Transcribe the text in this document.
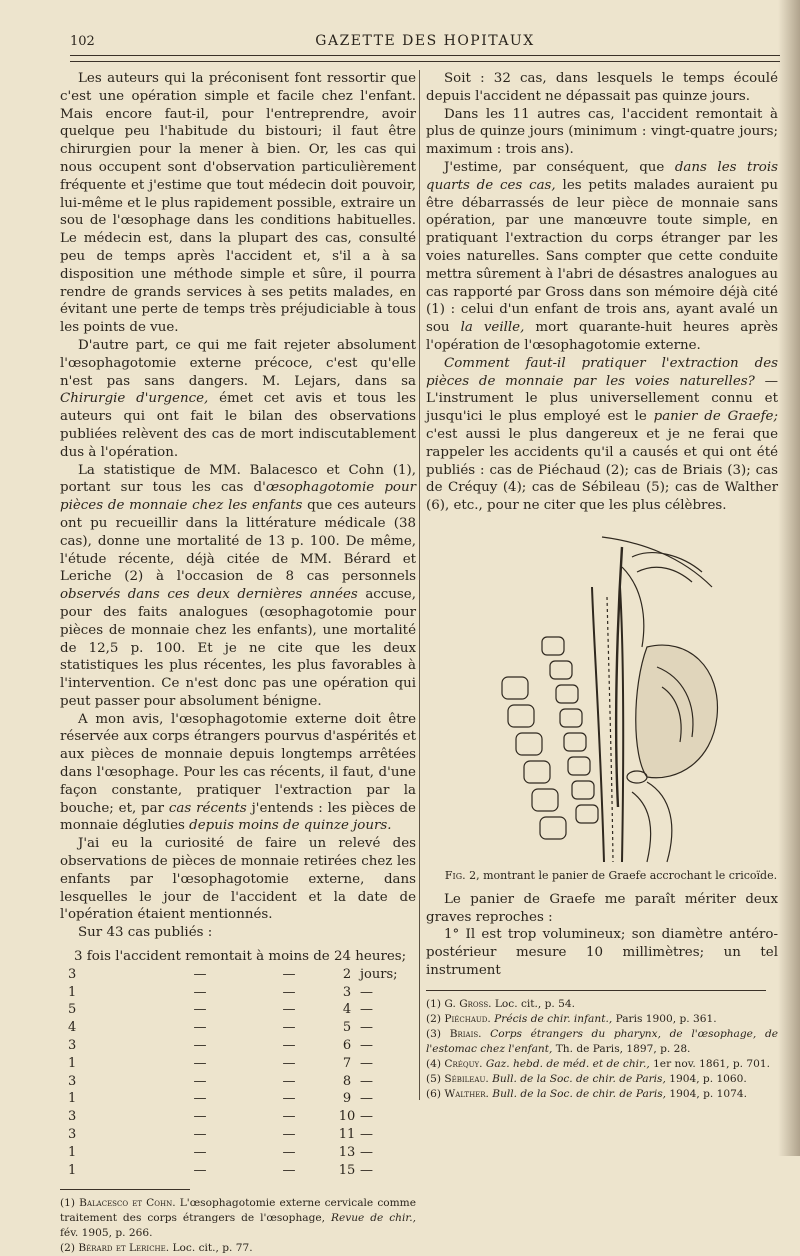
102	GAZETTE DES HOPITAUX

Les auteurs qui la préconisent font ressortir que c'est une opération simple et facile chez l'enfant. Mais encore faut-il, pour l'entreprendre, avoir quelque peu l'habitude du bistouri; il faut être chirurgien pour la mener à bien. Or, les cas qui nous occupent sont d'observation particulièrement fréquente et j'estime que tout médecin doit pouvoir, lui-même et le plus rapidement possible, extraire un sou de l'œsophage dans les conditions habituelles. Le médecin est, dans la plupart des cas, consulté peu de temps après l'accident et, s'il a à sa disposition une méthode simple et sûre, il pourra rendre de grands services à ses petits malades, en évitant une perte de temps très préjudiciable à tous les points de vue.

D'autre part, ce qui me fait rejeter absolument l'œsophagotomie externe précoce, c'est qu'elle n'est pas sans dangers. M. Lejars, dans sa Chirurgie d'urgence, émet cet avis et tous les auteurs qui ont fait le bilan des observations publiées relèvent des cas de mort indiscutablement dus à l'opération.

La statistique de MM. Balacesco et Cohn (1), portant sur tous les cas d'œsophagotomie pour pièces de monnaie chez les enfants que ces auteurs ont pu recueillir dans la littérature médicale (38 cas), donne une mortalité de 13 p. 100. De même, l'étude récente, déjà citée de MM. Bérard et Leriche (2) à l'occasion de 8 cas personnels observés dans ces deux dernières années accuse, pour des faits analogues (œsophagotomie pour pièces de monnaie chez les enfants), une mortalité de 12,5 p. 100. Et je ne cite que les deux statistiques les plus récentes, les plus favorables à l'intervention. Ce n'est donc pas une opération qui peut passer pour absolument bénigne.

A mon avis, l'œsophagotomie externe doit être réservée aux corps étrangers pourvus d'aspérités et aux pièces de monnaie depuis longtemps arrêtées dans l'œsophage. Pour les cas récents, il faut, d'une façon constante, pratiquer l'extraction par la bouche; et, par cas récents j'entends : les pièces de monnaie dégluties depuis moins de quinze jours.

J'ai eu la curiosité de faire un relevé des observations de pièces de monnaie retirées chez les enfants par l'œsophagotomie externe, dans lesquelles le jour de l'accident et la date de l'opération étaient mentionnés.

Sur 43 cas publiés :

3 fois l'accident remontait à moins de 24 heures;

3	—	—	2	jours;
1	—	—	3	—
5	—	—	4	—
4	—	—	5	—
3	—	—	6	—
1	—	—	7	—
3	—	—	8	—
1	—	—	9	—
3	—	—	10	—
3	—	—	11	—
1	—	—	13	—
1	—	—	15	—

(1) Balacesco et Cohn. L'œsophagotomie externe cervicale comme traitement des corps étrangers de l'œsophage, Revue de chir., fév. 1905, p. 266.

(2) Bérard et Leriche. Loc. cit., p. 77.

Soit : 32 cas, dans lesquels le temps écoulé depuis l'accident ne dépassait pas quinze jours.

Dans les 11 autres cas, l'accident remontait à plus de quinze jours (minimum : vingt-quatre jours; maximum : trois ans).

J'estime, par conséquent, que dans les trois quarts de ces cas, les petits malades auraient pu être débarrassés de leur pièce de monnaie sans opération, par une manœuvre toute simple, en pratiquant l'extraction du corps étranger par les voies naturelles. Sans compter que cette conduite mettra sûrement à l'abri de désastres analogues au cas rapporté par Gross dans son mémoire déjà cité (1) : celui d'un enfant de trois ans, ayant avalé un sou la veille, mort quarante-huit heures après l'opération de l'œsophagotomie externe.

Comment faut-il pratiquer l'extraction des pièces de monnaie par les voies naturelles? — L'instrument le plus universellement connu et jusqu'ici le plus employé est le panier de Graefe; c'est aussi le plus dangereux et je ne ferai que rappeler les accidents qu'il a causés et qui ont été publiés : cas de Piéchaud (2); cas de Briais (3); cas de Créquy (4); cas de Sébileau (5); cas de Walther (6), etc., pour ne citer que les plus célèbres.

Fig. 2, montrant le panier de Graefe accrochant le cricoïde.

Le panier de Graefe me paraît mériter deux graves reproches :

1° Il est trop volumineux; son diamètre antéro-postérieur mesure 10 millimètres; un tel instrument

(1) G. Gross. Loc. cit., p. 54.

(2) Piéchaud. Précis de chir. infant., Paris 1900, p. 361.

(3) Briais. Corps étrangers du pharynx, de l'œsophage, de l'estomac chez l'enfant, Th. de Paris, 1897, p. 28.

(4) Créquy. Gaz. hebd. de méd. et de chir., 1er nov. 1861, p. 701.

(5) Sébileau. Bull. de la Soc. de chir. de Paris, 1904, p. 1060.

(6) Walther. Bull. de la Soc. de chir. de Paris, 1904, p. 1074.
